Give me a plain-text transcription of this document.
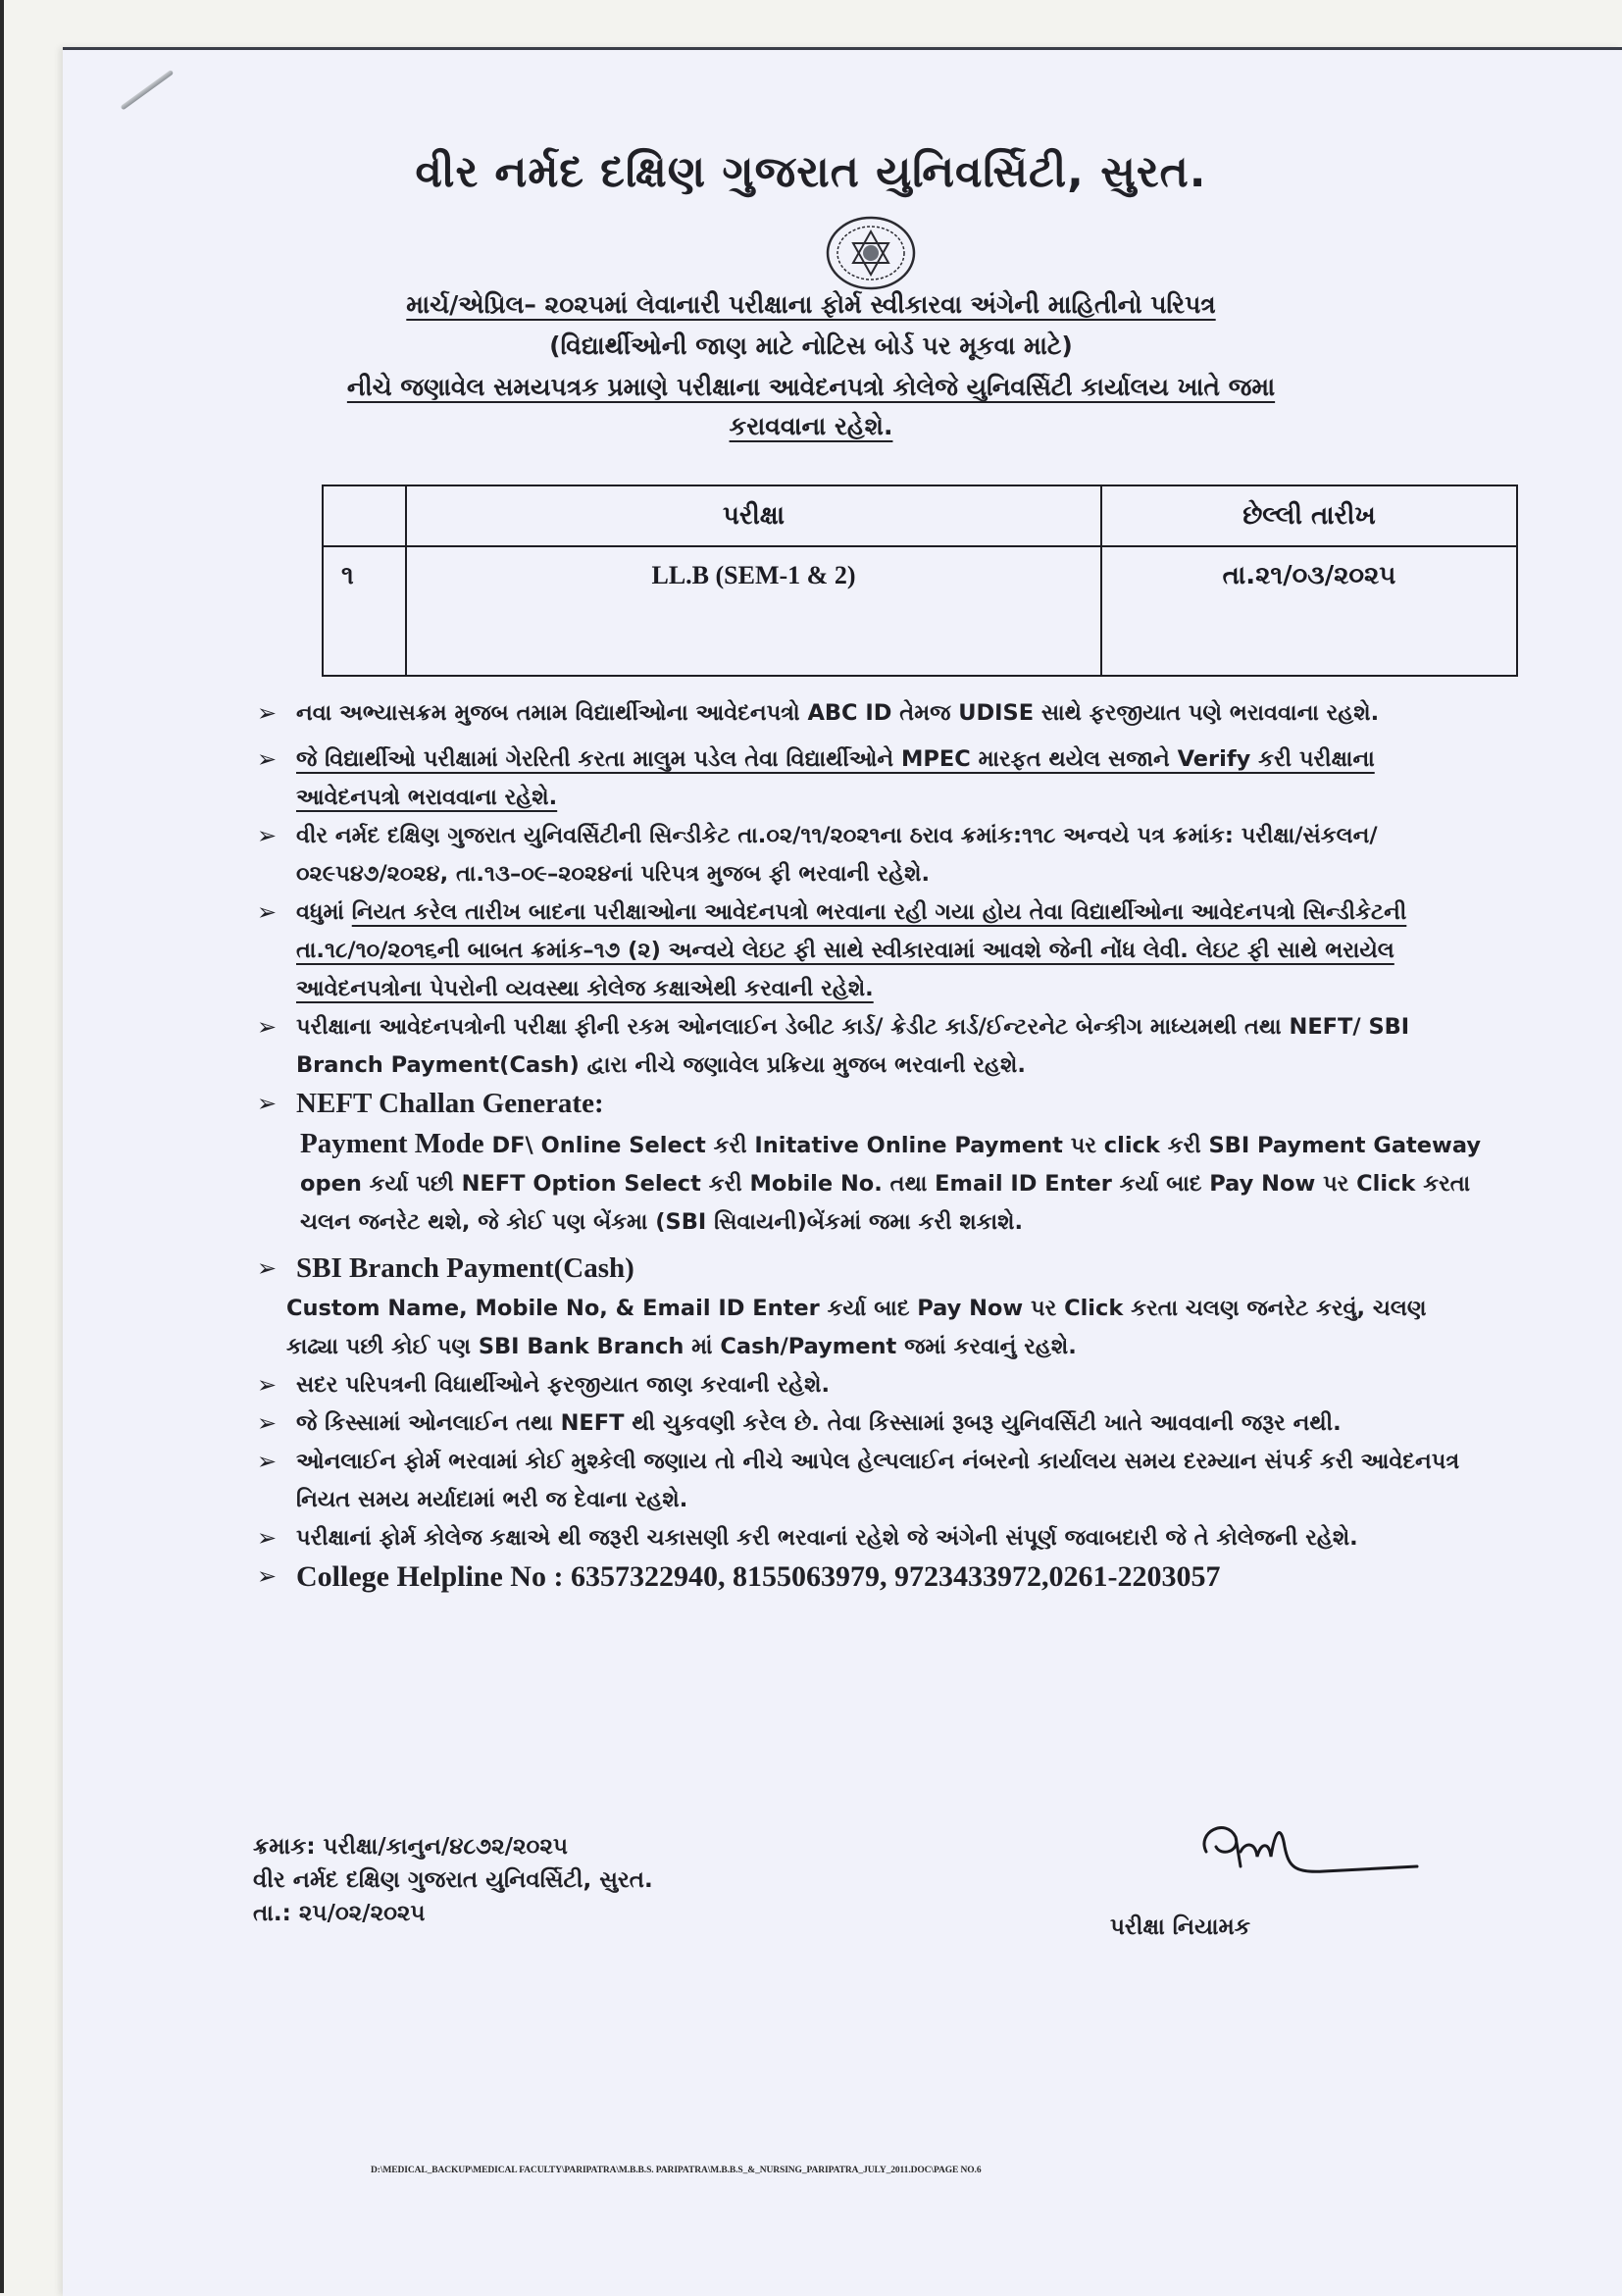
વીર નર્મદ દક્ષિણ ગુજરાત યુનિવર્સિટી, સુરત.
માર્ચ/એપ્રિલ– ૨૦૨૫માં લેવાનારી પરીક્ષાના ફોર્મ સ્વીકારવા અંગેની માહિતીનો પરિપત્ર
(વિદ્યાર્થીઓની જાણ માટે નોટિસ બોર્ડ પર મૂકવા માટે)
નીચે જણાવેલ સમયપત્રક પ્રમાણે પરીક્ષાના આવેદનપત્રો કોલેજે યુનિવર્સિટી કાર્યાલય ખાતે જમા
કરાવવાના રહેશે.
	પરીક્ષા	છેલ્લી તારીખ
૧	LL.B (SEM-1 & 2)	તા.૨૧/૦૩/૨૦૨૫

➢ નવા અભ્યાસક્રમ મુજબ તમામ વિદ્યાર્થીઓના આવેદનપત્રો ABC ID તેમજ UDISE સાથે ફરજીયાત પણે ભરાવવાના રહશે.

➢ જે વિદ્યાર્થીઓ પરીક્ષામાં ગેરરિતી કરતા માલુમ પડેલ તેવા વિદ્યાર્થીઓને MPEC મારફત થયેલ સજાને Verify કરી પરીક્ષાના આવેદનપત્રો ભરાવવાના રહેશે.

➢ વીર નર્મદ દક્ષિણ ગુજરાત યુનિવર્સિટીની સિન્ડીકેટ તા.૦૨/૧૧/૨૦૨૧ના ઠરાવ ક્રમાંક:૧૧૮ અન્વયે પત્ર ક્રમાંક: પરીક્ષા/સંકલન/૦૨૯૫૪૭/૨૦૨૪, તા.૧૩–૦૯–૨૦૨૪નાં પરિપત્ર મુજબ ફી ભરવાની રહેશે.

➢ વધુમાં નિયત કરેલ તારીખ બાદના પરીક્ષાઓના આવેદનપત્રો ભરવાના રહી ગયા હોય તેવા વિદ્યાર્થીઓના આવેદનપત્રો સિન્ડીકેટની તા.૧૮/૧૦/૨૦૧૬ની બાબત ક્રમાંક–૧૭ (૨) અન્વયે લેઇટ ફી સાથે સ્વીકારવામાં આવશે જેની નોંધ લેવી. લેઇટ ફી સાથે ભરાયેલ આવેદનપત્રોના પેપરોની વ્યવસ્થા કોલેજ કક્ષાએથી કરવાની રહેશે.

➢ પરીક્ષાના આવેદનપત્રોની પરીક્ષા ફીની રકમ ઓનલાઈન ડેબીટ કાર્ડ/ ક્રેડીટ કાર્ડ/ઈન્ટરનેટ બેન્કીગ માધ્યમથી તથા NEFT/ SBI Branch Payment(Cash) દ્વારા નીચે જણાવેલ પ્રક્રિયા મુજબ ભરવાની રહશે.

➢ NEFT Challan Generate:

Payment Mode DF\ Online Select કરી Initative Online Payment પર click કરી SBI Payment Gateway open કર્યા પછી NEFT Option Select કરી Mobile No. તથા Email ID Enter કર્યા બાદ Pay Now પર Click કરતા ચલન જનરેટ થશે, જે કોઈ પણ બેંકમા (SBI સિવાયની)બેંકમાં જમા કરી શકાશે.

➢ SBI Branch Payment(Cash)

Custom Name, Mobile No, & Email ID Enter કર્યા બાદ Pay Now પર Click કરતા ચલણ જનરેટ કરવું, ચલણ કાઢ્યા પછી કોઈ પણ SBI Bank Branch માં Cash/Payment જમાં કરવાનું રહશે.

➢ સદર પરિપત્રની વિધાર્થીઓને ફરજીયાત જાણ કરવાની રહેશે.

➢ જે કિસ્સામાં ઓનલાઈન તથા NEFT થી ચુકવણી કરેલ છે. તેવા કિસ્સામાં રૂબરૂ યુનિવર્સિટી ખાતે આવવાની જરૂર નથી.

➢ ઓનલાઈન ફોર્મ ભરવામાં કોઈ મુશ્કેલી જણાય તો નીચે આપેલ હેલ્પલાઈન નંબરનો કાર્યાલય સમય દરમ્યાન સંપર્ક કરી આવેદનપત્ર નિયત સમય મર્યાદામાં ભરી જ દેવાના રહશે.

➢ પરીક્ષાનાં ફોર્મ કોલેજ કક્ષાએ થી જરૂરી ચકાસણી કરી ભરવાનાં રહેશે જે અંગેની સંપૂર્ણ જવાબદારી જે તે કોલેજની રહેશે.

➢ College Helpline No : 6357322940, 8155063979, 9723433972,0261-2203057

ક્રમાક: પરીક્ષા/કાનુન/૪૮૭૨/૨૦૨૫
વીર નર્મદ દક્ષિણ ગુજરાત યુનિવર્સિટી, સુરત.
તા.: ૨૫/૦૨/૨૦૨૫
પરીક્ષા નિયામક
D:\MEDICAL_BACKUP\MEDICAL FACULTY\PARIPATRA\M.B.B.S. PARIPATRA\M.B.B.S_&_NURSING_PARIPATRA_JULY_2011.DOC\PAGE NO.6
